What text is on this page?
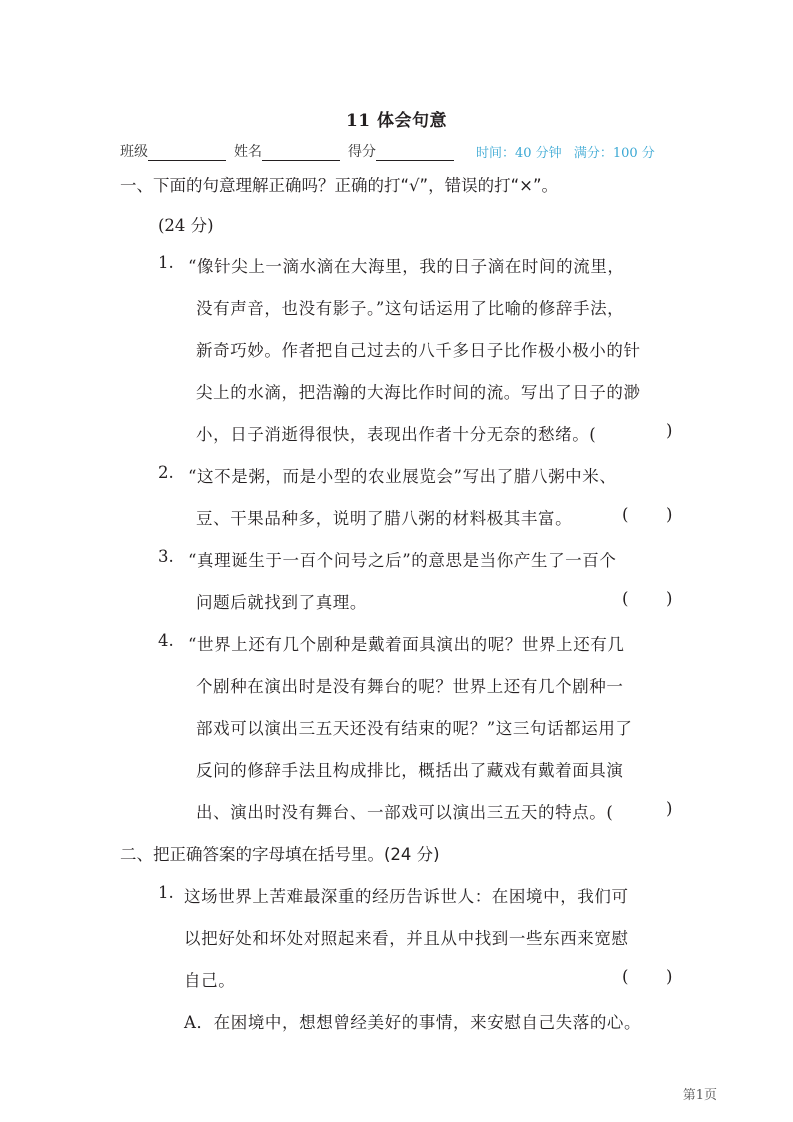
11 体会句意
班级	姓名	得分	时间：40 分钟 满分：100 分
一、下面的句意理解正确吗？正确的打“√”，错误的打“×”。
(24 分)
1. “像针尖上一滴水滴在大海里，我的日子滴在时间的流里，
没有声音，也没有影子。”这句话运用了比喻的修辞手法，
新奇巧妙。作者把自己过去的八千多日子比作极小极小的针
尖上的水滴，把浩瀚的大海比作时间的流。写出了日子的渺
小，日子消逝得很快，表现出作者十分无奈的愁绪。(	)
2. “这不是粥，而是小型的农业展览会”写出了腊八粥中米、
豆、干果品种多，说明了腊八粥的材料极其丰富。	( )
3. “真理诞生于一百个问号之后”的意思是当你产生了一百个
问题后就找到了真理。	( )
4. “世界上还有几个剧种是戴着面具演出的呢？世界上还有几
个剧种在演出时是没有舞台的呢？世界上还有几个剧种一
部戏可以演出三五天还没有结束的呢？”这三句话都运用了
反问的修辞手法且构成排比，概括出了藏戏有戴着面具演
出、演出时没有舞台、一部戏可以演出三五天的特点。(	)
二、把正确答案的字母填在括号里。(24 分)
1. 这场世界上苦难最深重的经历告诉世人：在困境中，我们可
以把好处和坏处对照起来看，并且从中找到一些东西来宽慰
自己。	( )
A．在困境中，想想曾经美好的事情，来安慰自己失落的心。
第1页
